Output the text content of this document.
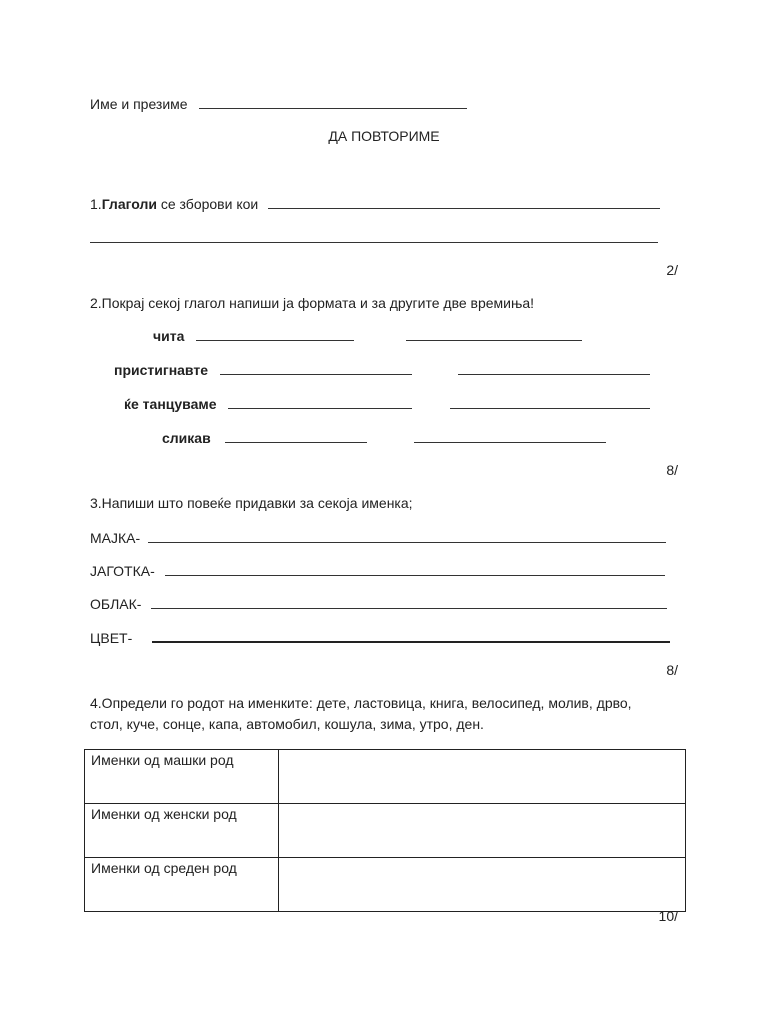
Име и презиме
ДА ПОВТОРИМЕ
1.Глаголи се зборови кои
2/
2.Покрај секој глагол напиши ја формата и за другите две времиња!
чита
пристигнавте
ќе танцуваме
сликав
8/
3.Напиши што повеќе придавки за секоја именка;
МАЈКА-
ЈАГОТКА-
ОБЛАК-
ЦВЕТ-
8/
4.Определи го родот на именките: дете, ластовица, книга, велосипед, молив, дрво,
стол, куче, сонце, капа, автомобил, кошула, зима, утро, ден.
Именки од машки род	
Именки од женски род	
Именки од среден род	
10/
